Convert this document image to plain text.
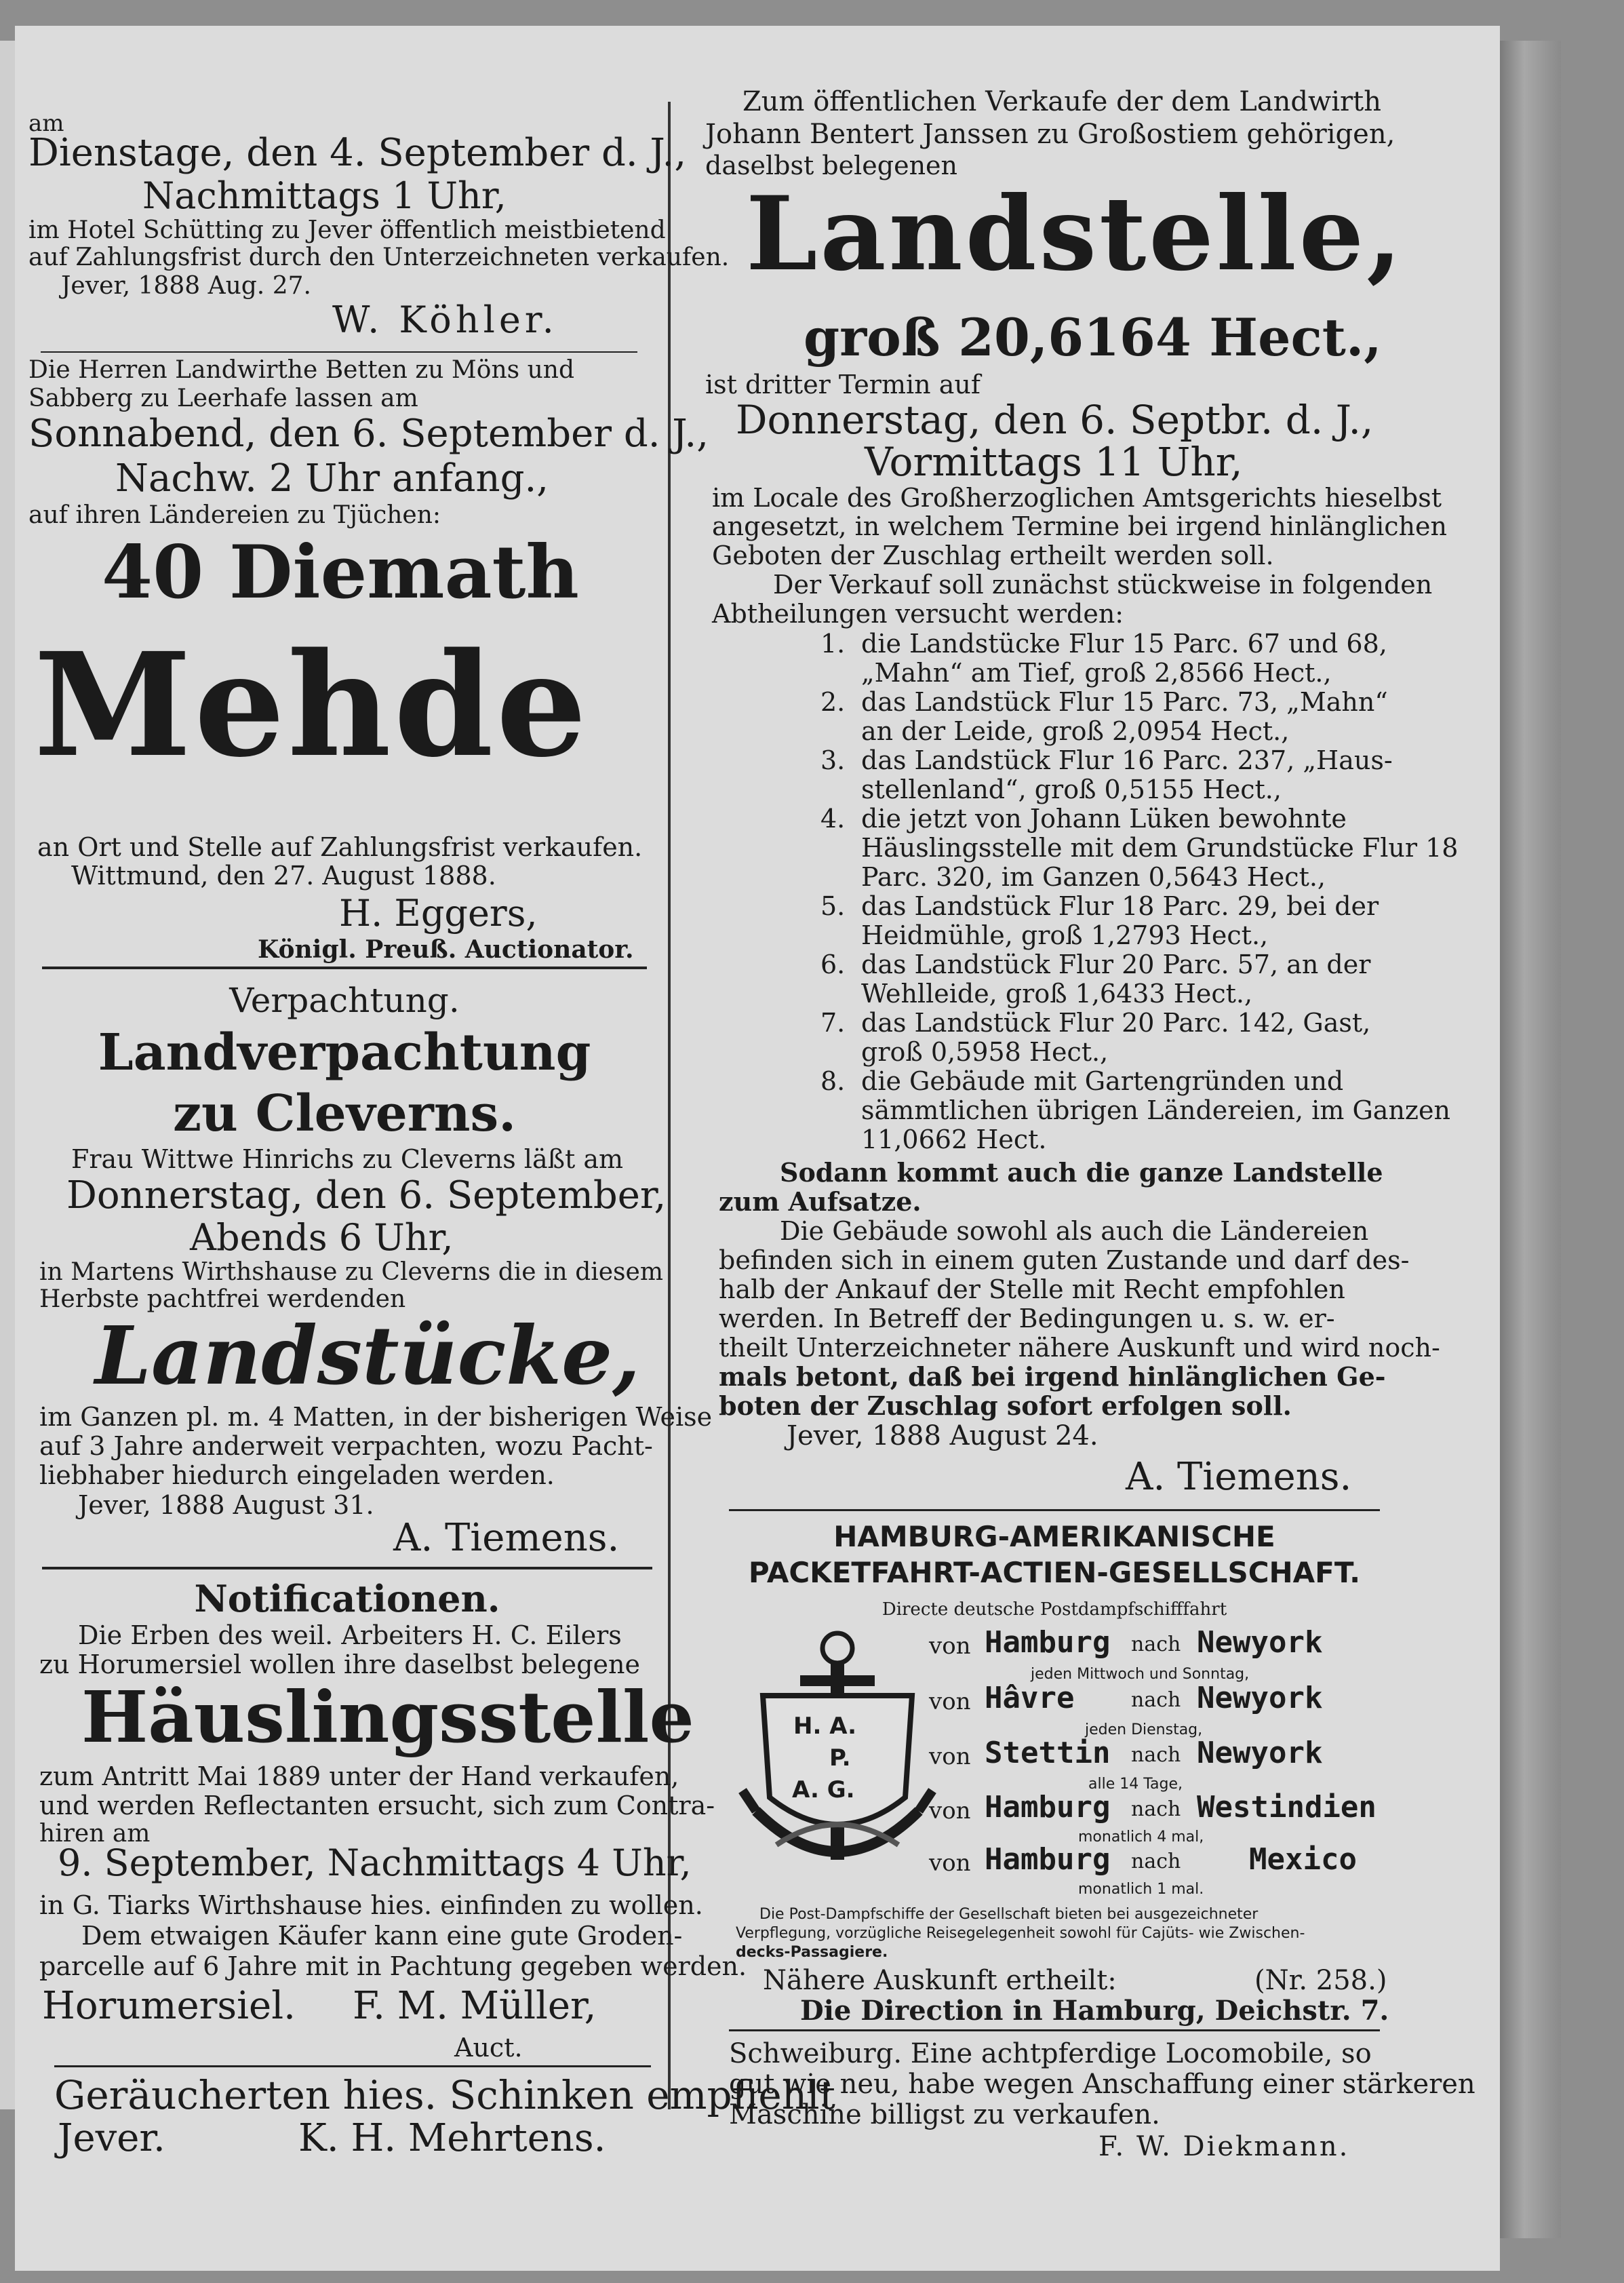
am
Dienstage, den 4. September d. J.,
Nachmittags 1 Uhr,
im Hotel Schütting zu Jever öffentlich meistbietend
auf Zahlungsfrist durch den Unterzeichneten verkaufen.
Jever, 1888 Aug. 27.
W. Köhler.
Die Herren Landwirthe Betten zu Möns und
Sabberg zu Leerhafe lassen am
Sonnabend, den 6. September d. J.,
Nachw. 2 Uhr anfang.,
auf ihren Ländereien zu Tjüchen:
40 Diemath
Mehde
an Ort und Stelle auf Zahlungsfrist verkaufen.
Wittmund, den 27. August 1888.
H. Eggers,
Königl. Preuß. Auctionator.
Verpachtung.
Landverpachtung
zu Cleverns.
Frau Wittwe Hinrichs zu Cleverns läßt am
Donnerstag, den 6. September,
Abends 6 Uhr,
in Martens Wirthshause zu Cleverns die in diesem
Herbste pachtfrei werdenden
Landstücke,
im Ganzen pl. m. 4 Matten, in der bisherigen Weise
auf 3 Jahre anderweit verpachten, wozu Pacht-
liebhaber hiedurch eingeladen werden.
Jever, 1888 August 31.
A. Tiemens.
Notificationen.
Die Erben des weil. Arbeiters H. C. Eilers
zu Horumersiel wollen ihre daselbst belegene
Häuslingsstelle
zum Antritt Mai 1889 unter der Hand verkaufen,
und werden Reflectanten ersucht, sich zum Contra-
hiren am
9. September, Nachmittags 4 Uhr,
in G. Tiarks Wirthshause hies. einfinden zu wollen.
Dem etwaigen Käufer kann eine gute Groden-
parcelle auf 6 Jahre mit in Pachtung gegeben werden.
Horumersiel. F. M. Müller,
Auct.
Geräucherten hies. Schinken empfiehlt
Jever.	K. H. Mehrtens.
Zum öffentlichen Verkaufe der dem Landwirth
Johann Bentert Janssen zu Großostiem gehörigen,
daselbst belegenen
Landstelle,
groß 20,6164 Hect.,
ist dritter Termin auf
Donnerstag, den 6. Septbr. d. J.,
Vormittags 11 Uhr,
im Locale des Großherzoglichen Amtsgerichts hieselbst
angesetzt, in welchem Termine bei irgend hinlänglichen
Geboten der Zuschlag ertheilt werden soll.
Der Verkauf soll zunächst stückweise in folgenden
Abtheilungen versucht werden:
1. die Landstücke Flur 15 Parc. 67 und 68,
„Mahn“ am Tief, groß 2,8566 Hect.,
2. das Landstück Flur 15 Parc. 73, „Mahn“
an der Leide, groß 2,0954 Hect.,
3. das Landstück Flur 16 Parc. 237, „Haus-
stellenland“, groß 0,5155 Hect.,
4. die jetzt von Johann Lüken bewohnte
Häuslingsstelle mit dem Grundstücke Flur 18
Parc. 320, im Ganzen 0,5643 Hect.,
5. das Landstück Flur 18 Parc. 29, bei der
Heidmühle, groß 1,2793 Hect.,
6. das Landstück Flur 20 Parc. 57, an der
Wehlleide, groß 1,6433 Hect.,
7. das Landstück Flur 20 Parc. 142, Gast,
groß 0,5958 Hect.,
8. die Gebäude mit Gartengründen und
sämmtlichen übrigen Ländereien, im Ganzen
11,0662 Hect.
Sodann kommt auch die ganze Landstelle
zum Aufsatze.
Die Gebäude sowohl als auch die Ländereien
befinden sich in einem guten Zustande und darf des-
halb der Ankauf der Stelle mit Recht empfohlen
werden. In Betreff der Bedingungen u. s. w. er-
theilt Unterzeichneter nähere Auskunft und wird noch-
mals betont, daß bei irgend hinlänglichen Ge-
boten der Zuschlag sofort erfolgen soll.
Jever, 1888 August 24.
A. Tiemens.
HAMBURG-AMERIKANISCHE
PACKETFAHRT-ACTIEN-GESELLSCHAFT.
Directe deutsche Postdampfschifffahrt
H. A.
P.
A. G.
von Hamburg nach Newyork
jeden Mittwoch und Sonntag,
von Hâvre	nach Newyork
jeden Dienstag,
von Stettin nach Newyork
alle 14 Tage,
von Hamburg nach Westindien
monatlich 4 mal,
von Hamburg nach Mexico
monatlich 1 mal.
Die Post-Dampfschiffe der Gesellschaft bieten bei ausgezeichneter
Verpflegung, vorzügliche Reisegelegenheit sowohl für Cajüts- wie Zwischen-
decks-Passagiere.
Nähere Auskunft ertheilt:	(Nr. 258.)
Die Direction in Hamburg, Deichstr. 7.
Schweiburg. Eine achtpferdige Locomobile, so
gut wie neu, habe wegen Anschaffung einer stärkeren
Maschine billigst zu verkaufen.
F. W. Diekmann.
